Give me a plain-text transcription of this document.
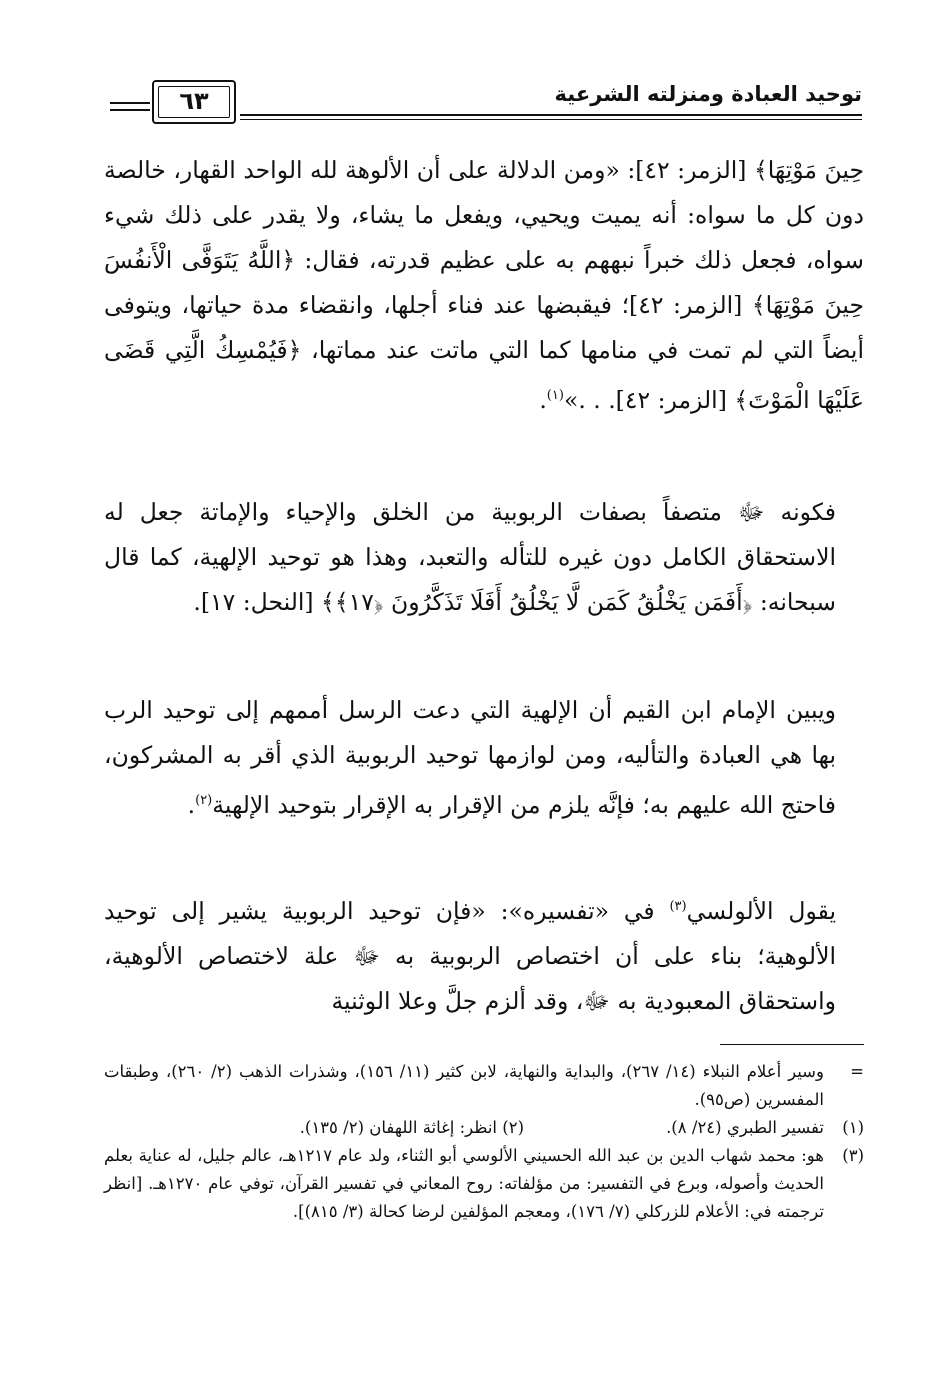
توحيد العبادة ومنزلته الشرعية
٦٣

حِينَ مَوْتِهَا﴾ [الزمر: ٤٢]: «ومن الدلالة على أن الألوهة لله الواحد القهار، خالصة دون كل ما سواه: أنه يميت ويحيي، ويفعل ما يشاء، ولا يقدر على ذلك شيء سواه، فجعل ذلك خبراً نبههم به على عظيم قدرته، فقال: ﴿اللَّهُ يَتَوَفَّى الْأَنفُسَ حِينَ مَوْتِهَا﴾ [الزمر: ٤٢]؛ فيقبضها عند فناء أجلها، وانقضاء مدة حياتها، ويتوفى أيضاً التي لم تمت في منامها كما التي ماتت عند مماتها، ﴿فَيُمْسِكُ الَّتِي قَضَى عَلَيْهَا الْمَوْتَ﴾ [الزمر: ٤٢]. . .»$^{(١)}$.

فكونه ﷻ متصفاً بصفات الربوبية من الخلق والإحياء والإماتة جعل له الاستحقاق الكامل دون غيره للتأله والتعبد، وهذا هو توحيد الإلهية، كما قال سبحانه: ﴿أَفَمَن يَخْلُقُ كَمَن لَّا يَخْلُقُ أَفَلَا تَذَكَّرُونَ ﴿١٧﴾﴾ [النحل: ١٧].

ويبين الإمام ابن القيم أن الإلهية التي دعت الرسل أممهم إلى توحيد الرب بها هي العبادة والتأليه، ومن لوازمها توحيد الربوبية الذي أقر به المشركون، فاحتج الله عليهم به؛ فإنَّه يلزم من الإقرار به الإقرار بتوحيد الإلهية$^{(٢)}$.

يقول الألولسي$^{(٣)}$ في «تفسيره»: «فإن توحيد الربوبية يشير إلى توحيد الألوهية؛ بناء على أن اختصاص الربوبية به ﷻ علة لاختصاص الألوهية، واستحقاق المعبودية به ﷻ، وقد ألزم جلَّ وعلا الوثنية

=
وسير أعلام النبلاء (١٤/ ٢٦٧)، والبداية والنهاية، لابن كثير (١١/ ١٥٦)، وشذرات الذهب (٢/ ٢٦٠)، وطبقات المفسرين (ص٩٥).

(١)
تفسير الطبري (٢٤/ ٨).
(٢) انظر: إغاثة اللهفان (٢/ ١٣٥).

(٣)
هو: محمد شهاب الدين بن عبد الله الحسيني الألوسي أبو الثناء، ولد عام ١٢١٧هـ، عالم جليل، له عناية بعلم الحديث وأصوله، وبرع في التفسير: من مؤلفاته: روح المعاني في تفسير القرآن، توفي عام ١٢٧٠هـ. [انظر ترجمته في: الأعلام للزركلي (٧/ ١٧٦)، ومعجم المؤلفين لرضا كحالة (٣/ ٨١٥)].
